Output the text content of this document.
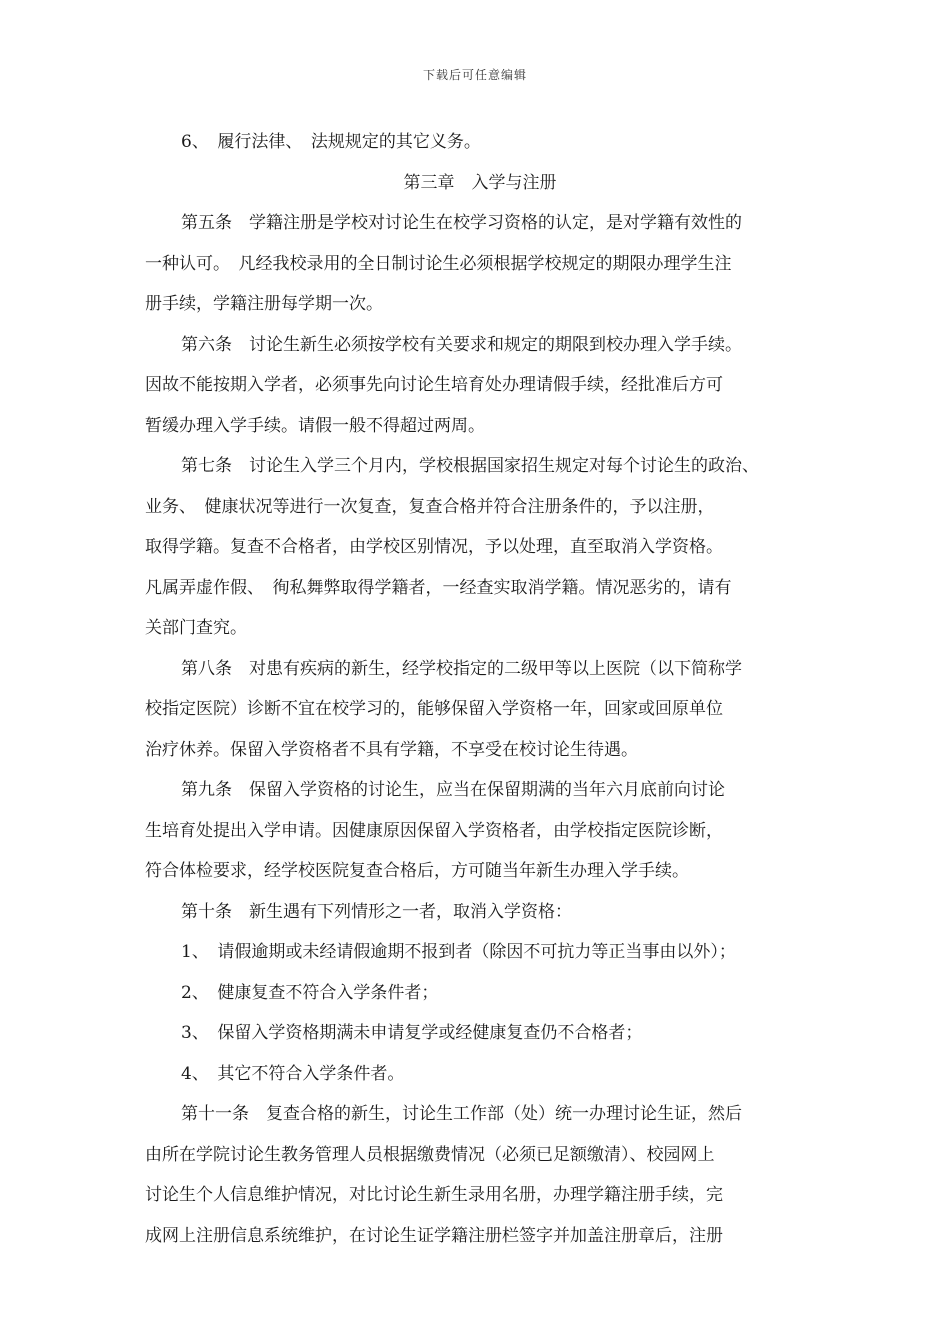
下载后可任意编辑
6、　履行法律、　法规规定的其它义务。
第三章　入学与注册
第五条　学籍注册是学校对讨论生在校学习资格的认定，是对学籍有效性的
一种认可。　凡经我校录用的全日制讨论生必须根据学校规定的期限办理学生注
册手续，学籍注册每学期一次。
第六条　讨论生新生必须按学校有关要求和规定的期限到校办理入学手续。
因故不能按期入学者，必须事先向讨论生培育处办理请假手续，经批准后方可
暂缓办理入学手续。请假一般不得超过两周。
第七条　讨论生入学三个月内，学校根据国家招生规定对每个讨论生的政治、
业务、　健康状况等进行一次复查，复查合格并符合注册条件的，予以注册，
取得学籍。复查不合格者，由学校区别情况，予以处理，直至取消入学资格。
凡属弄虚作假、　徇私舞弊取得学籍者，一经查实取消学籍。情况恶劣的，请有
关部门查究。
第八条　对患有疾病的新生，经学校指定的二级甲等以上医院（以下简称学
校指定医院）诊断不宜在校学习的，能够保留入学资格一年，回家或回原单位
治疗休养。保留入学资格者不具有学籍，不享受在校讨论生待遇。
第九条　保留入学资格的讨论生，应当在保留期满的当年六月底前向讨论
生培育处提出入学申请。因健康原因保留入学资格者，由学校指定医院诊断，
符合体检要求，经学校医院复查合格后，方可随当年新生办理入学手续。
第十条　新生遇有下列情形之一者，取消入学资格：
1、　请假逾期或未经请假逾期不报到者（除因不可抗力等正当事由以外）；
2、　健康复查不符合入学条件者；
3、　保留入学资格期满未申请复学或经健康复查仍不合格者；
4、　其它不符合入学条件者。
第十一条　复查合格的新生，讨论生工作部（处）统一办理讨论生证，然后
由所在学院讨论生教务管理人员根据缴费情况（必须已足额缴清）、校园网上
讨论生个人信息维护情况，对比讨论生新生录用名册，办理学籍注册手续，完
成网上注册信息系统维护，在讨论生证学籍注册栏签字并加盖注册章后，注册
